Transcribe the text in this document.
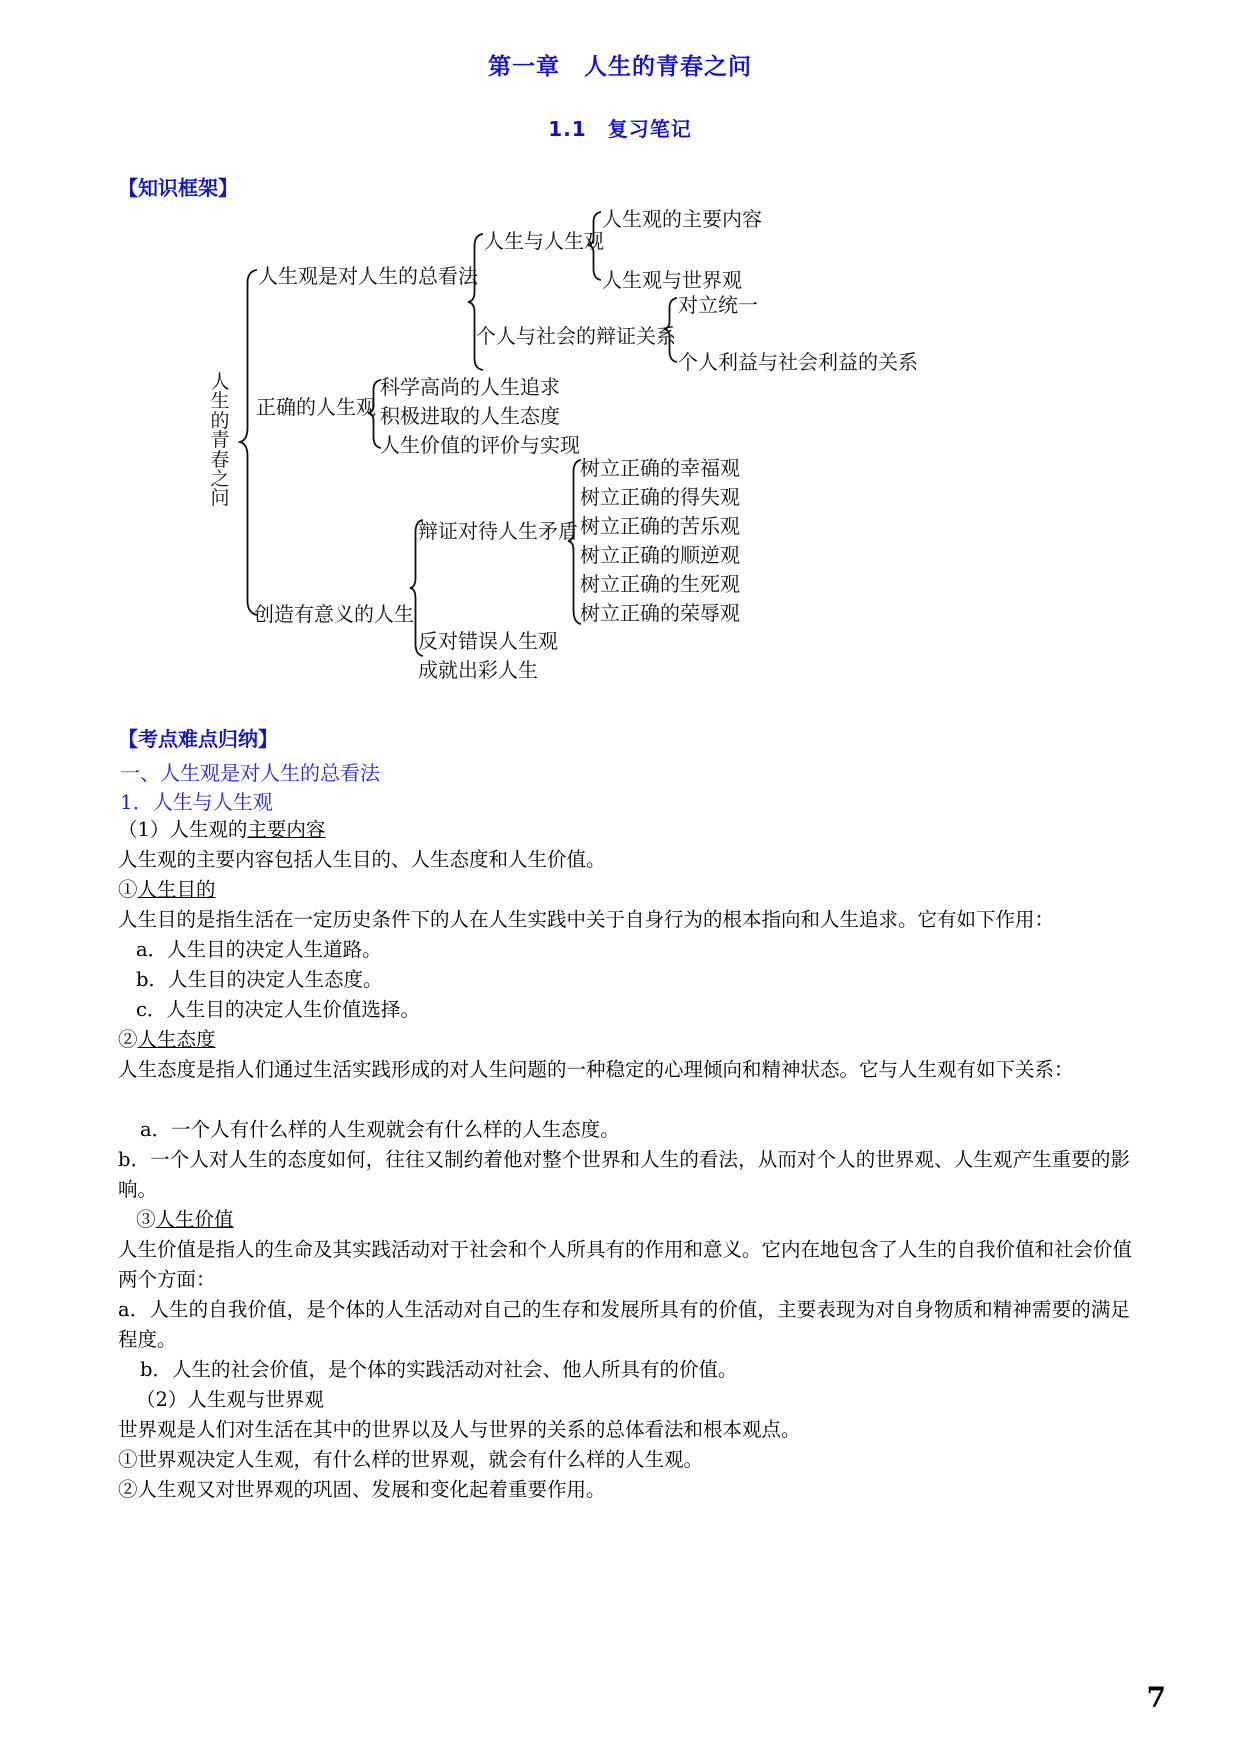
第一章　人生的青春之问
1.1　复习笔记
【知识框架】
人生的青春之问
人生观是对人生的总看法
人生与人生观
个人与社会的辩证关系
人生观的主要内容
人生观与世界观
对立统一
个人利益与社会利益的关系
正确的人生观
科学高尚的人生追求
积极进取的人生态度
人生价值的评价与实现
创造有意义的人生
辩证对待人生矛盾
反对错误人生观
成就出彩人生
树立正确的幸福观
树立正确的得失观
树立正确的苦乐观
树立正确的顺逆观
树立正确的生死观
树立正确的荣辱观
【考点难点归纳】
一、人生观是对人生的总看法
1．人生与人生观
（1）人生观的主要内容
人生观的主要内容包括人生目的、人生态度和人生价值。
①人生目的
人生目的是指生活在一定历史条件下的人在人生实践中关于自身行为的根本指向和人生追求。它有如下作用：
a．人生目的决定人生道路。
b．人生目的决定人生态度。
c．人生目的决定人生价值选择。
②人生态度
人生态度是指人们通过生活实践形成的对人生问题的一种稳定的心理倾向和精神状态。它与人生观有如下关系：
a．一个人有什么样的人生观就会有什么样的人生态度。
b．一个人对人生的态度如何，往往又制约着他对整个世界和人生的看法，从而对个人的世界观、人生观产生重要的影响。
③人生价值
人生价值是指人的生命及其实践活动对于社会和个人所具有的作用和意义。它内在地包含了人生的自我价值和社会价值两个方面：
a．人生的自我价值，是个体的人生活动对自己的生存和发展所具有的价值，主要表现为对自身物质和精神需要的满足程度。
b．人生的社会价值，是个体的实践活动对社会、他人所具有的价值。
（2）人生观与世界观
世界观是人们对生活在其中的世界以及人与世界的关系的总体看法和根本观点。
①世界观决定人生观，有什么样的世界观，就会有什么样的人生观。
②人生观又对世界观的巩固、发展和变化起着重要作用。
7
